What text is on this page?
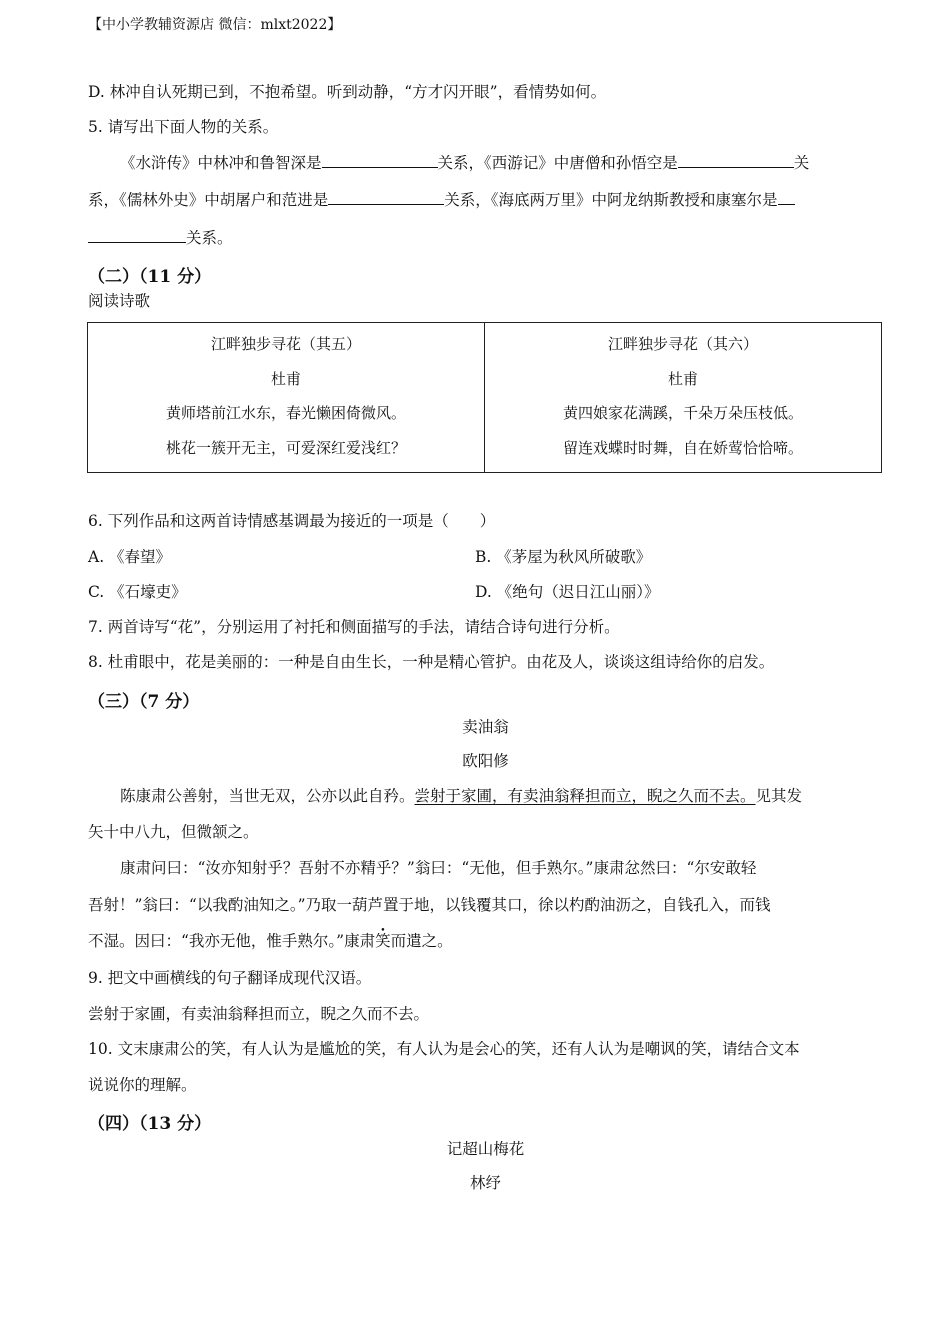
【中小学教辅资源店 微信：mlxt2022】
D. 林冲自认死期已到，不抱希望。听到动静，“方才闪开眼”，看情势如何。
5. 请写出下面人物的关系。
《水浒传》中林冲和鲁智深是	关系，《西游记》中唐僧和孙悟空是	关
系，《儒林外史》中胡屠户和范进是	关系，《海底两万里》中阿龙纳斯教授和康塞尔是
关系。
（二）（11 分）
阅读诗歌
江畔独步寻花（其五）
杜甫
黄师塔前江水东，春光懒困倚微风。
桃花一簇开无主，可爱深红爱浅红？

江畔独步寻花（其六）
杜甫
黄四娘家花满蹊，千朵万朵压枝低。
留连戏蝶时时舞，自在娇莺恰恰啼。
6. 下列作品和这两首诗情感基调最为接近的一项是（　　）
A. 《春望》	B. 《茅屋为秋风所破歌》
C. 《石壕吏》	D. 《绝句（迟日江山丽）》
7. 两首诗写“花”，分别运用了衬托和侧面描写的手法，请结合诗句进行分析。
8. 杜甫眼中，花是美丽的：一种是自由生长，一种是精心管护。由花及人，谈谈这组诗给你的启发。
（三）（7 分）
卖油翁
欧阳修
陈康肃公善射，当世无双，公亦以此自矜。尝射于家圃，有卖油翁释担而立，睨之久而不去。见其发
矢十中八九，但微颔之。
康肃问曰：“汝亦知射乎？吾射不亦精乎？”翁曰：“无他，但手熟尔。”康肃忿然曰：“尔安敢轻
吾射！”翁曰：“以我酌油知之。”乃取一葫芦置于地，以钱覆其口，徐以杓酌油沥之，自钱孔入，而钱
不湿。因曰：“我亦无他，惟手熟尔。”康肃笑而遣之。
9. 把文中画横线的句子翻译成现代汉语。
尝射于家圃，有卖油翁释担而立，睨之久而不去。
10. 文末康肃公的笑，有人认为是尴尬的笑，有人认为是会心的笑，还有人认为是嘲讽的笑，请结合文本
说说你的理解。
（四）（13 分）
记超山梅花
林纾
